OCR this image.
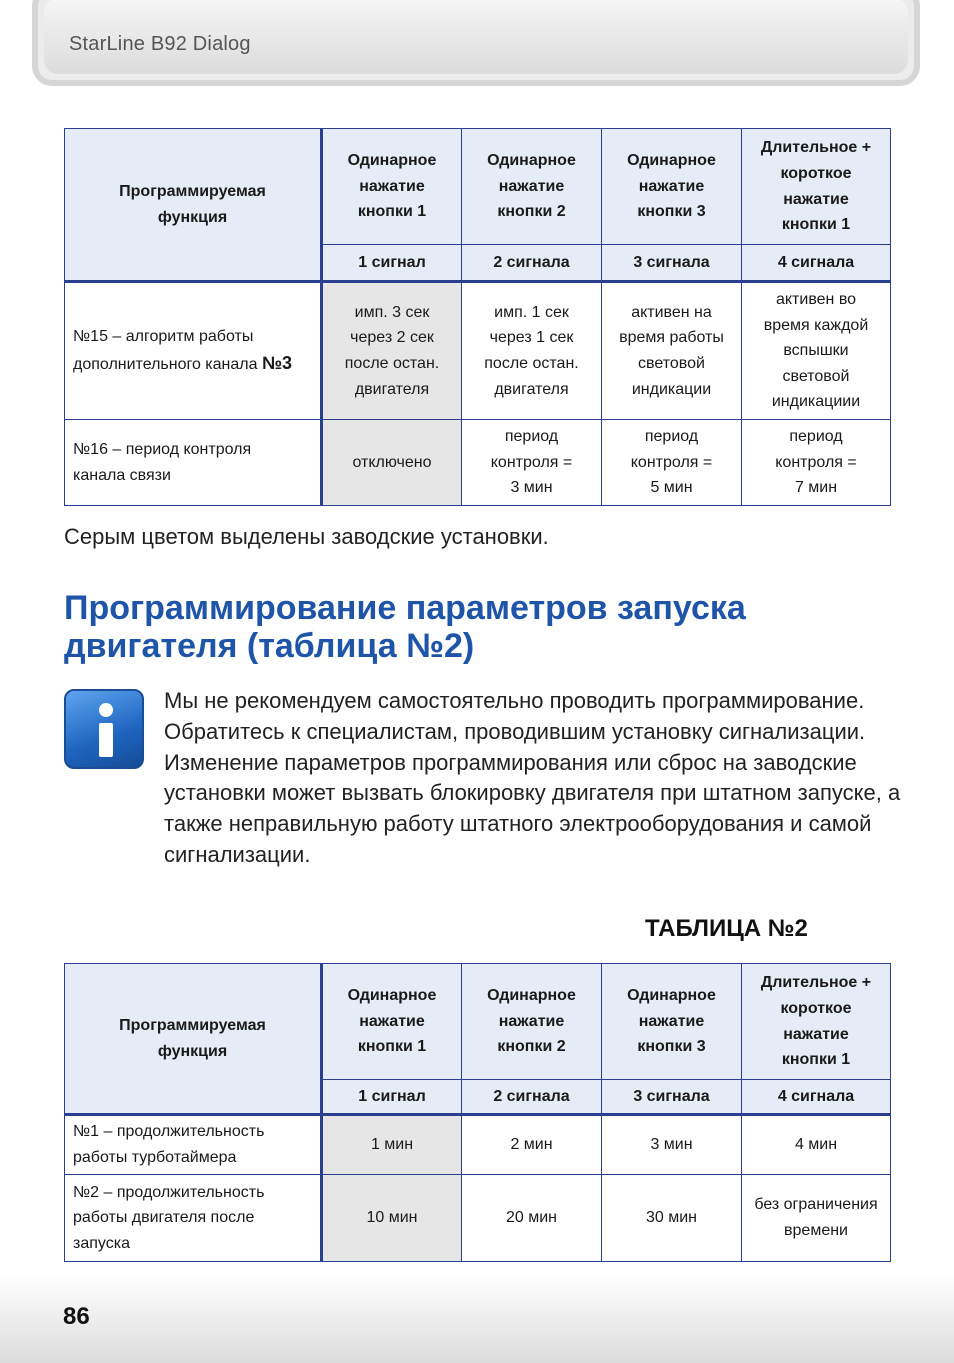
StarLine B92 Dialog
Программируемая функция	Одинарное нажатие кнопки 1	Одинарное нажатие кнопки 2	Одинарное нажатие кнопки 3	Длительное + короткое нажатие кнопки 1
	1 сигнал	2 сигнала	3 сигнала	4 сигнала
№15 – алгоритм работы дополнительного канала №3	имп. 3 сек через 2 сек после остан. двигателя	имп. 1 сек через 1 сек после остан. двигателя	активен на время работы световой индикации	активен во время каждой вспышки световой индикациии
№16 – период контроля канала связи	отключено	период контроля = 3 мин	период контроля = 5 мин	период контроля = 7 мин
Серым цветом выделены заводские установки.
Программирование параметров запуска двигателя (таблица №2)

Мы не рекомендуем самостоятельно проводить программирование. Обратитесь к специалистам, проводившим установку сигнализации.

Изменение параметров программирования или сброс на заводские установки может вызвать блокировку двигателя при штатном запуске, а также неправильную работу штатного электрооборудования и самой сигнализации.

ТАБЛИЦА №2
Программируемая функция	Одинарное нажатие кнопки 1	Одинарное нажатие кнопки 2	Одинарное нажатие кнопки 3	Длительное + короткое нажатие кнопки 1
	1 сигнал	2 сигнала	3 сигнала	4 сигнала
№1 – продолжительность работы турботаймера	1 мин	2 мин	3 мин	4 мин
№2 – продолжительность работы двигателя после запуска	10 мин	20 мин	30 мин	без ограничения времени
86
